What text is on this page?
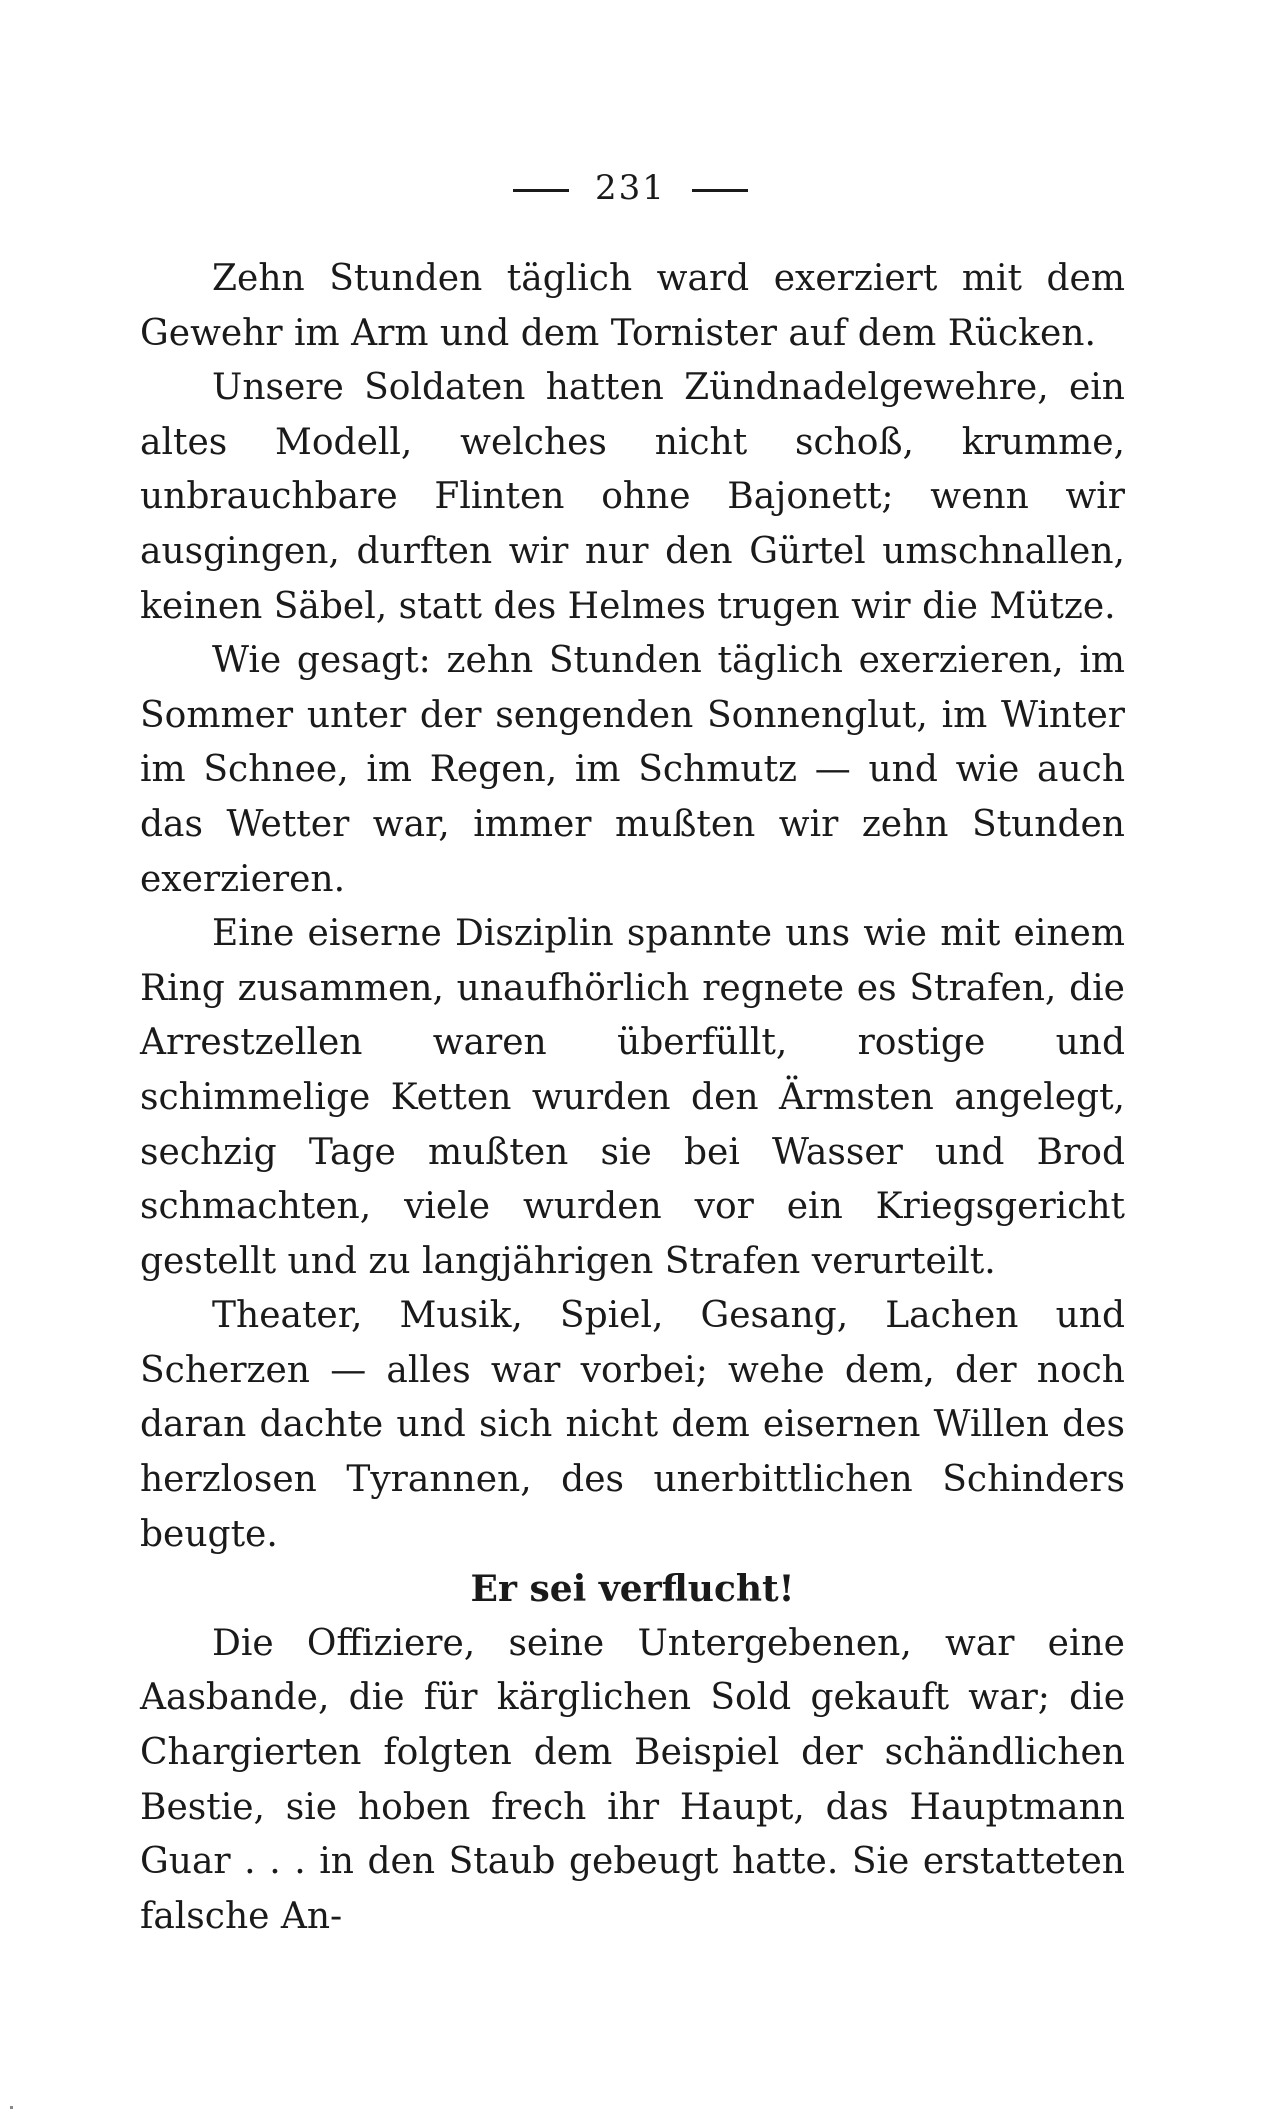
231

Zehn Stunden täglich ward exerziert mit dem Gewehr im Arm und dem Tornister auf dem Rücken.

Unsere Soldaten hatten Zündnadelgewehre, ein altes Modell, welches nicht schoß, krumme, unbrauchbare Flinten ohne Bajonett; wenn wir ausgingen, durften wir nur den Gürtel umschnallen, keinen Säbel, statt des Helmes trugen wir die Mütze.

Wie gesagt: zehn Stunden täglich exerzieren, im Sommer unter der sengenden Sonnenglut, im Winter im Schnee, im Regen, im Schmutz — und wie auch das Wetter war, immer mußten wir zehn Stunden exerzieren.

Eine eiserne Disziplin spannte uns wie mit einem Ring zusammen, unaufhörlich regnete es Strafen, die Arrestzellen waren überfüllt, rostige und schimmelige Ketten wurden den Ärmsten angelegt, sechzig Tage mußten sie bei Wasser und Brod schmachten, viele wurden vor ein Kriegsgericht gestellt und zu langjährigen Strafen verurteilt.

Theater, Musik, Spiel, Gesang, Lachen und Scherzen — alles war vorbei; wehe dem, der noch daran dachte und sich nicht dem eisernen Willen des herzlosen Tyrannen, des unerbittlichen Schinders beugte.

Er sei verflucht!

Die Offiziere, seine Untergebenen, war eine Aasbande, die für kärglichen Sold gekauft war; die Chargierten folgten dem Beispiel der schändlichen Bestie, sie hoben frech ihr Haupt, das Hauptmann Guar . . . in den Staub gebeugt hatte. Sie erstatteten falsche An-
